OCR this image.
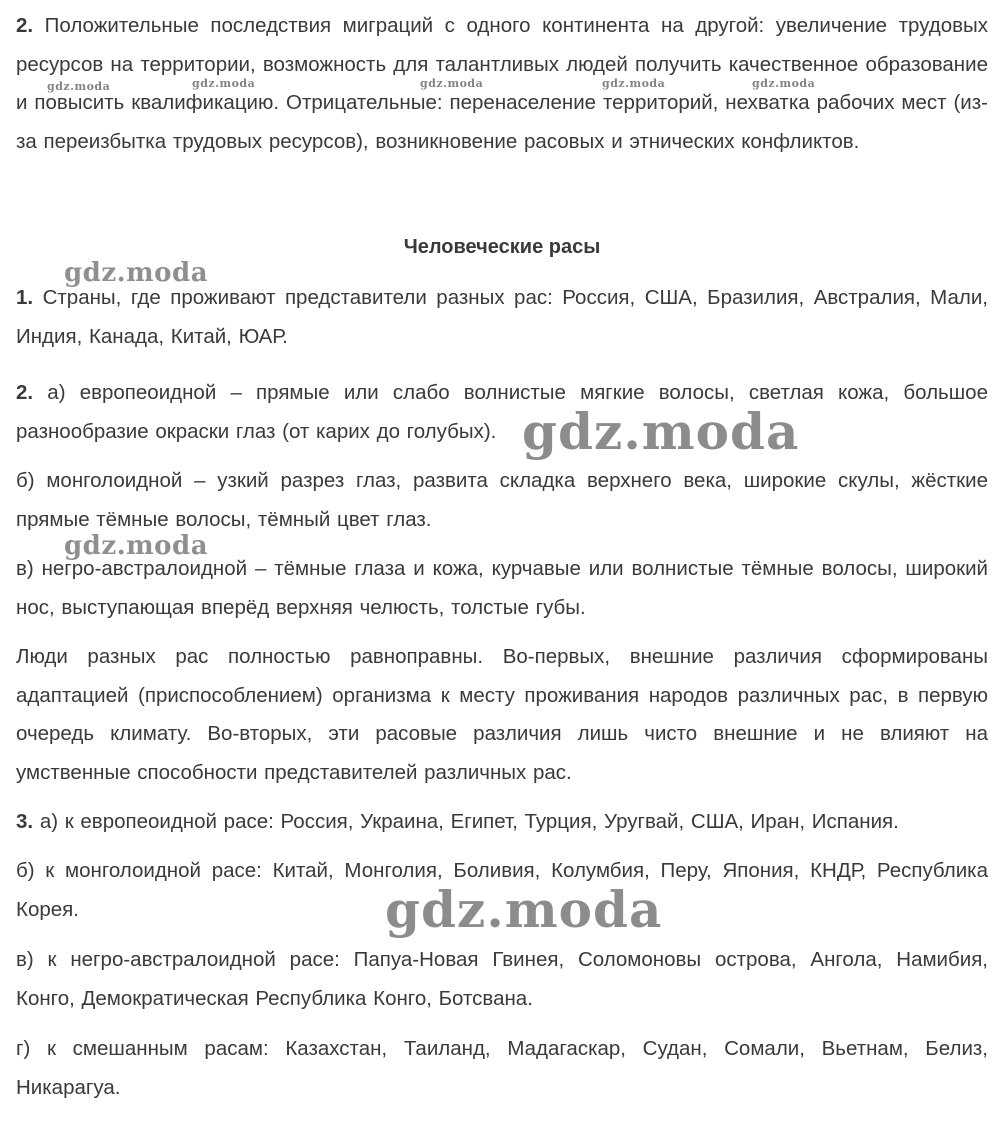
2. Положительные последствия миграций с одного континента на другой: увеличение трудовых ресурсов на территории, возможность для талантливых людей получить качественное образование и повысить квалификацию. Отрицательные: перенаселение территорий, нехватка рабочих мест (из-за переизбытка трудовых ресурсов), возникновение расовых и этнических конфликтов.

Человеческие расы

1. Страны, где проживают представители разных рас: Россия, США, Бразилия, Австралия, Мали, Индия, Канада, Китай, ЮАР.

2. а) европеоидной – прямые или слабо волнистые мягкие волосы, светлая кожа, большое разнообразие окраски глаз (от карих до голубых).

б) монголоидной – узкий разрез глаз, развита складка верхнего века, широкие скулы, жёсткие прямые тёмные волосы, тёмный цвет глаз.

в) негро-австралоидной – тёмные глаза и кожа, курчавые или волнистые тёмные волосы, широкий нос, выступающая вперёд верхняя челюсть, толстые губы.

Люди разных рас полностью равноправны. Во-первых, внешние различия сформированы адаптацией (приспособлением) организма к месту проживания народов различных рас, в первую очередь климату. Во-вторых, эти расовые различия лишь чисто внешние и не влияют на умственные способности представителей различных рас.

3. а) к европеоидной расе: Россия, Украина, Египет, Турция, Уругвай, США, Иран, Испания.

б) к монголоидной расе: Китай, Монголия, Боливия, Колумбия, Перу, Япония, КНДР, Республика Корея.

в) к негро-австралоидной расе: Папуа-Новая Гвинея, Соломоновы острова, Ангола, Намибия, Конго, Демократическая Республика Конго, Ботсвана.

г) к смешанным расам: Казахстан, Таиланд, Мадагаскар, Судан, Сомали, Вьетнам, Белиз, Никарагуа.

gdz.moda	gdz.moda	gdz.moda	gdz.moda	gdz.moda
gdz.moda
gdz.moda
gdz.moda
gdz.moda
